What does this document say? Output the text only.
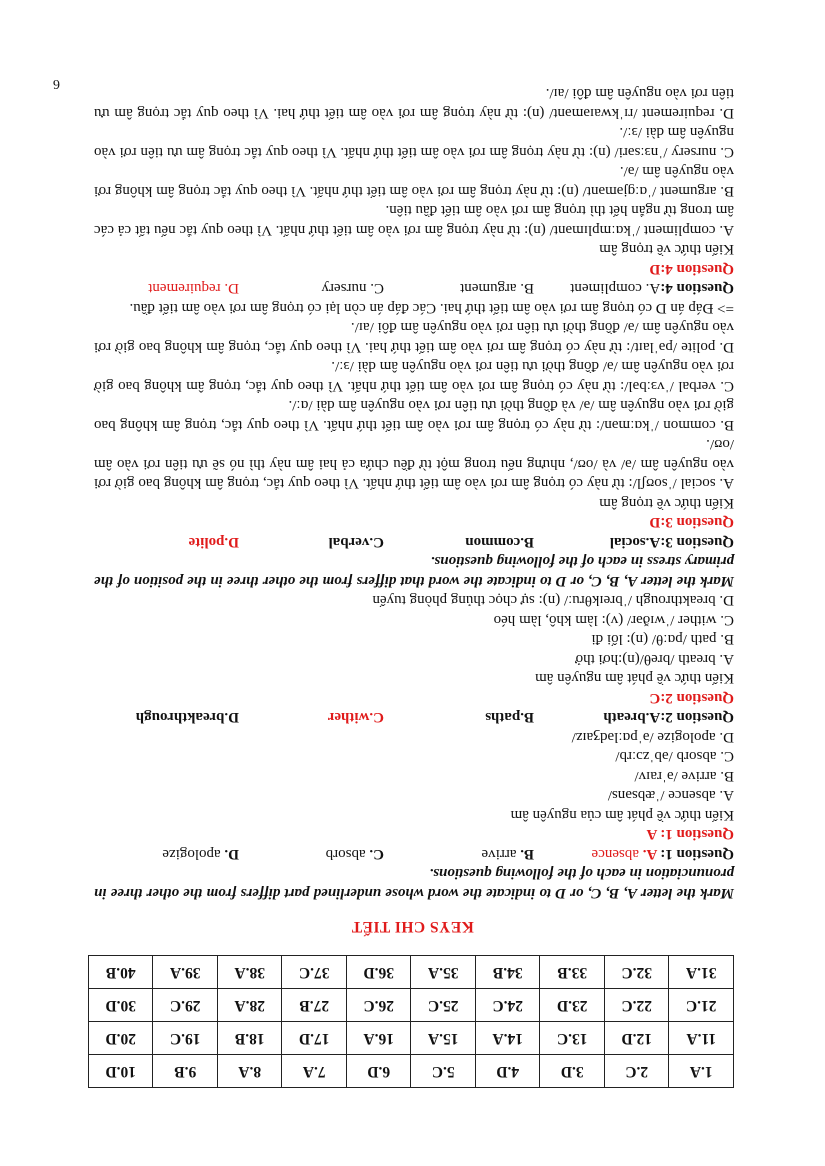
1.A	2.C	3.D	4.D	5.C	6.D	7.A	8.A	9.B	10.D
11.A	12.D	13.C	14.A	15.A	16.A	17.D	18.B	19.C	20.D
21.C	22.C	23.D	24.C	25.C	26.C	27.B	28.A	29.C	30.D
31.A	32.C	33.B	34.B	35.A	36.D	37.C	38.A	39.A	40.B
KEYS CHI TIẾT

Mark the letter A, B, C, or D to indicate the word whose underlined part differs from the other three in pronunciation in each of the following questions.

Question 1: A. absence
B. arrive
C. absorb
D. apologize

Question 1: A

Kiến thức về phát âm của nguyên âm

A. absence /ˈæbsəns/

B. arrive /əˈraɪv/

C. absorb /əbˈzɔːrb/

D. apologize /əˈpɑːlədʒaɪz/

Question 2:A.breath
B.paths
C.wither
D.breakthrough

Question 2:C

Kiến thức về phát âm nguyên âm

A. breath /breθ/(n):hơi thở

B. path /pɑːθ/ (n): lối đi

C. wither /ˈwɪðər/ (v): làm khô, làm héo

D. breakthrough /ˈbreɪkθruː/ (n): sự chọc thủng phòng tuyến

Mark the letter A, B, C, or D to indicate the word that differs from the other three in the position of the primary stress in each of the following questions.

Question 3:A.social
B.common
C.verbal
D.polite

Question 3:D

Kiến thức về trọng âm

A. social /ˈsoʊʃl/: từ này có trọng âm rơi vào âm tiết thứ nhất. Vì theo quy tắc, trọng âm không bao giờ rơi vào nguyên âm /ə/ và /oʊ/, nhưng nếu trong một từ đều chứa cả hai âm này thì nó sẽ ưu tiên rơi vào âm /oʊ/.

B. common /ˈkɑːmən/: từ này có trọng âm rơi vào âm tiết thứ nhất. Vì theo quy tắc, trọng âm không bao giờ rơi vào nguyên âm /ə/ và đồng thời ưu tiên rơi vào nguyên âm dài /ɑː/.

C. verbal /ˈvɜːbəl/: từ này có trọng âm rơi vào âm tiết thứ nhất. Vì theo quy tắc, trọng âm không bao giờ rơi vào nguyên âm /ə/ đồng thời ưu tiên rơi vào nguyên âm dài /ɜː/.

D. polite /pəˈlaɪt/: từ này có trọng âm rơi vào âm tiết thứ hai. Vì theo quy tắc, trọng âm không bao giờ rơi vào nguyên âm /ə/ đồng thời ưu tiên rơi vào nguyên âm đôi /aɪ/.

=> Đáp án D có trọng âm rơi vào âm tiết thứ hai. Các đáp án còn lại có trọng âm rơi vào âm tiết đầu.

Question 4:A. compliment
B. argument
C. nursery
D. requirement

Question 4:D

Kiến thức về trọng âm

A. compliment /ˈkɑːmplɪmənt/ (n): từ này trọng âm rơi vào âm tiết thứ nhất. Vì theo quy tắc nếu tất cả các âm trong từ ngắn hết thì trọng âm rơi vào âm tiết đầu tiên.

B. argument /ˈɑːɡjəmənt/ (n): từ này trọng âm rơi vào âm tiết thứ nhất. Vì theo quy tắc trọng âm không rơi vào nguyên âm /ə/.

C. nursery /ˈnɜːsəri/ (n): từ này trọng âm rơi vào âm tiết thứ nhất. Vì theo quy tắc trọng âm ưu tiên rơi vào nguyên âm dài /ɜː/.

D. requirement /rɪˈkwaɪəmənt/ (n): từ này trọng âm rơi vào âm tiết thứ hai. Vì theo quy tắc trọng âm ưu tiên rơi vào nguyên âm đôi /aɪ/.

6
